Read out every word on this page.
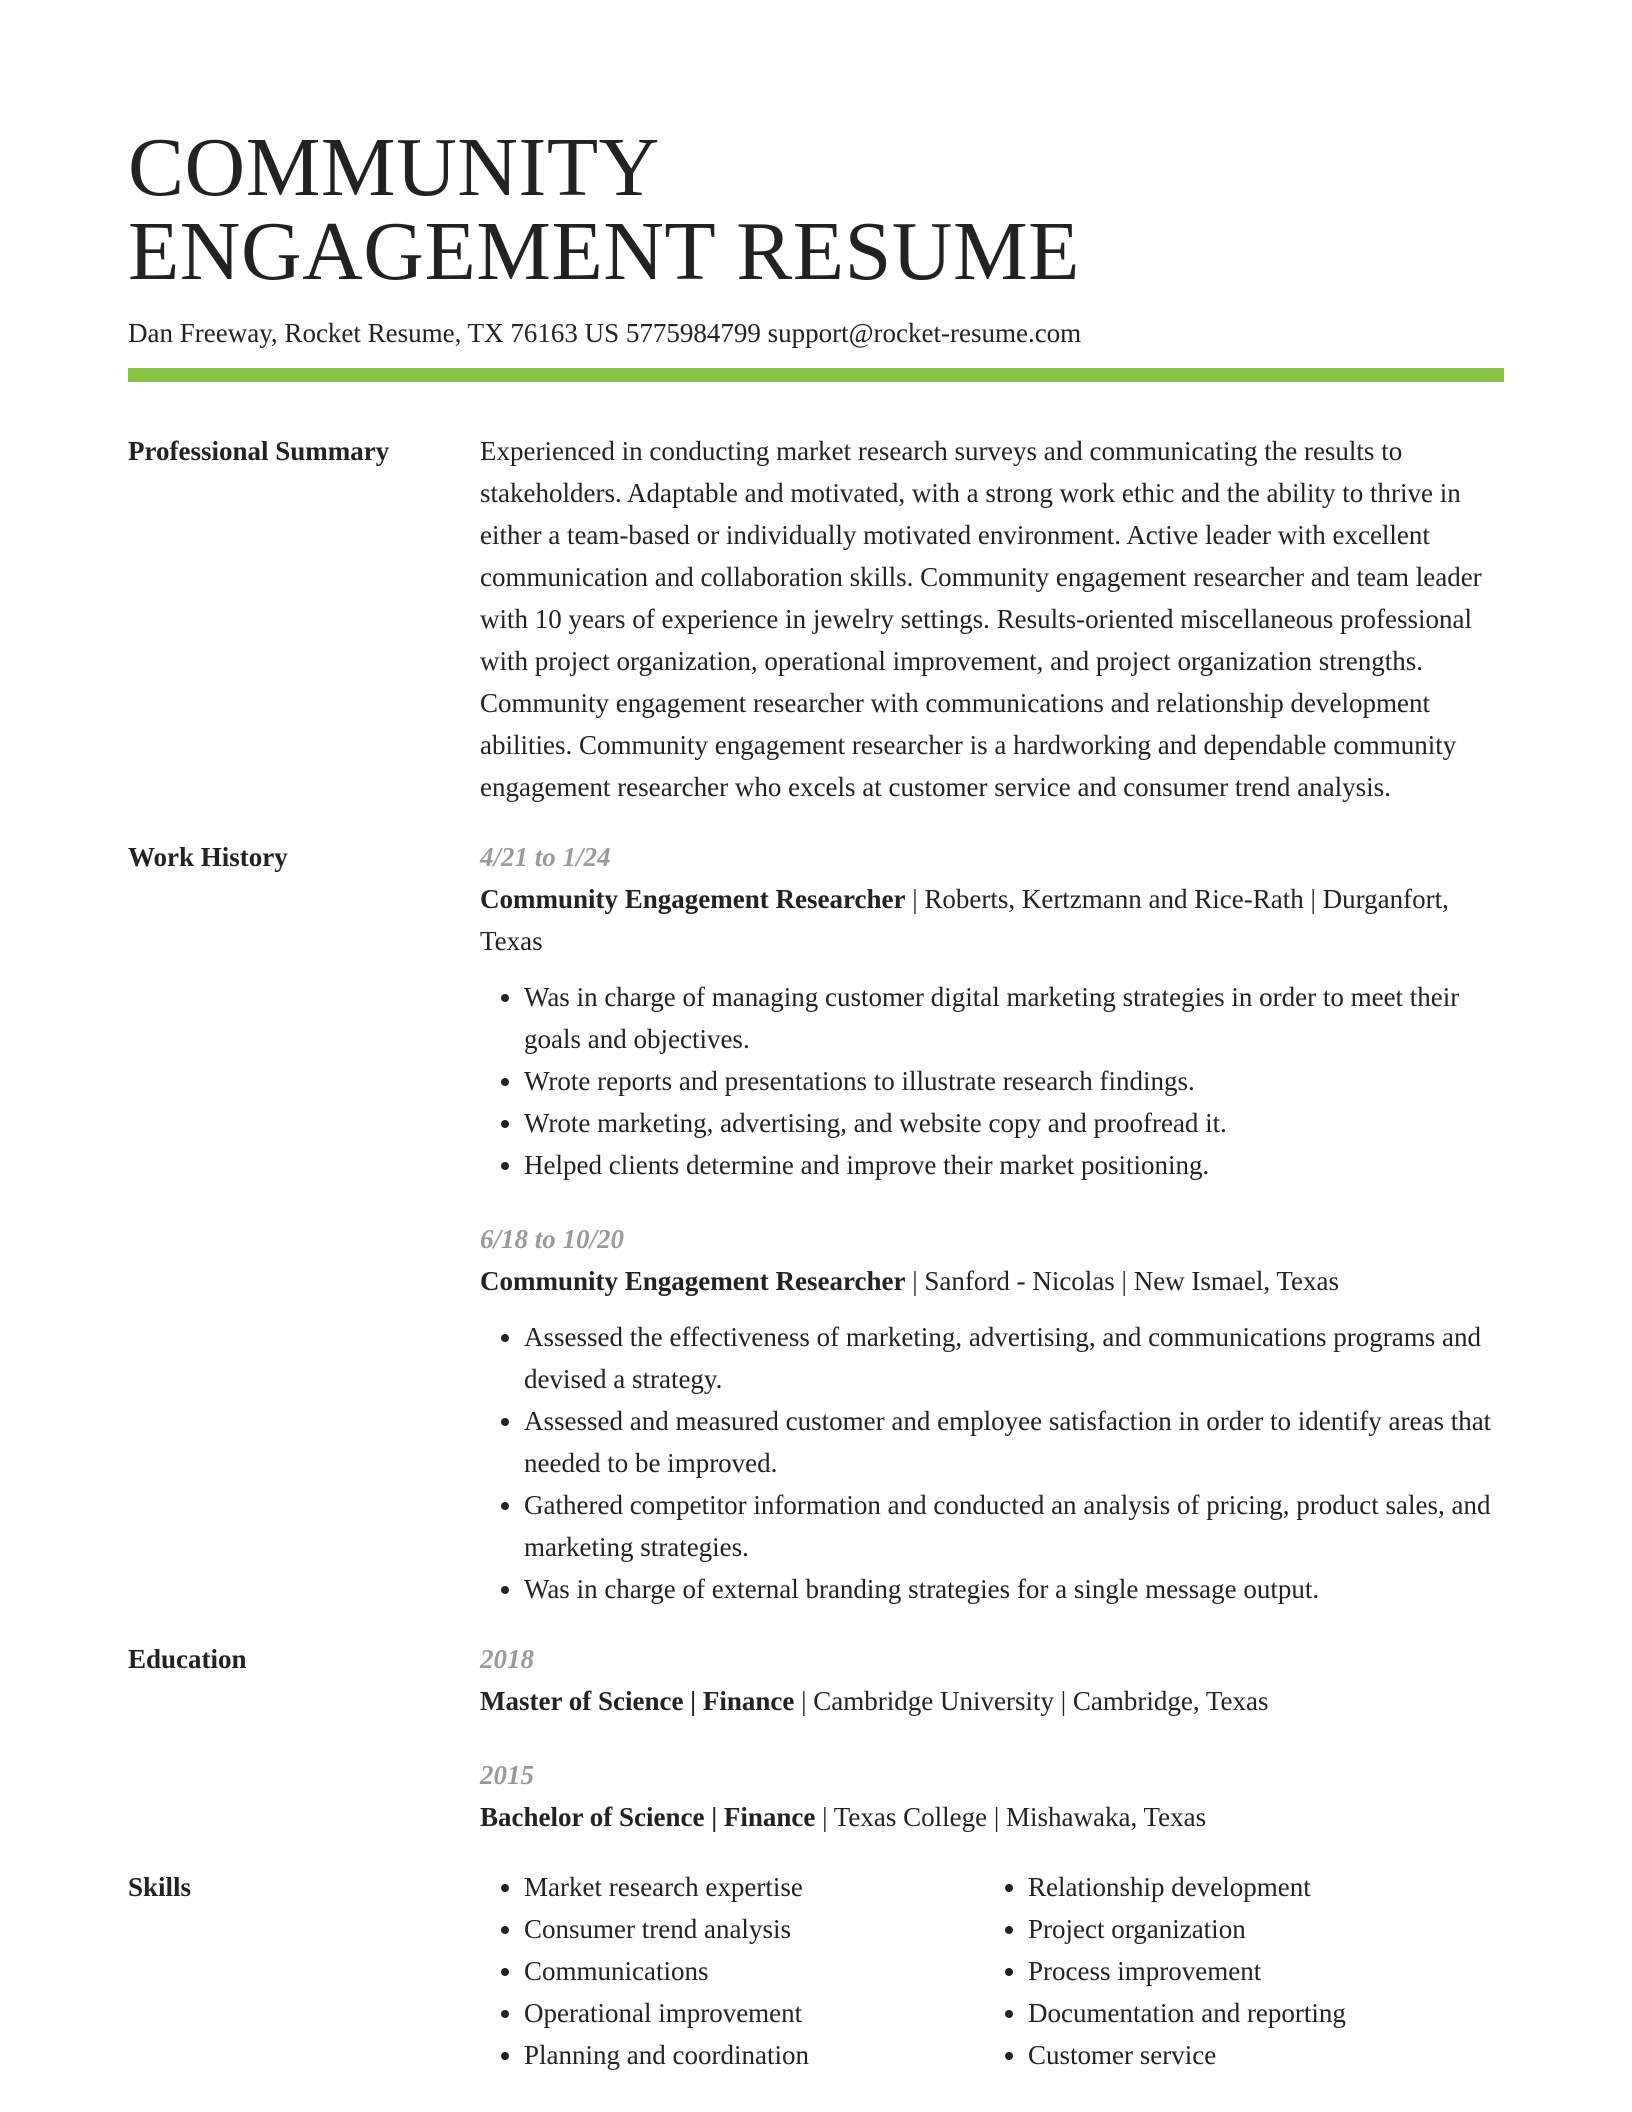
COMMUNITY
ENGAGEMENT RESUME
Dan Freeway, Rocket Resume, TX 76163 US 5775984799 support@rocket-resume.com
Professional Summary	Experienced in conducting market research surveys and communicating the results to stakeholders. Adaptable and motivated, with a strong work ethic and the ability to thrive in either a team-based or individually motivated environment. Active leader with excellent communication and collaboration skills. Community engagement researcher and team leader with 10 years of experience in jewelry settings. Results-oriented miscellaneous professional with project organization, operational improvement, and project organization strengths. Community engagement researcher with communications and relationship development abilities. Community engagement researcher is a hardworking and dependable community engagement researcher who excels at customer service and consumer trend analysis.

Work History	4/21 to 1/24
Community Engagement Researcher | Roberts, Kertzmann and Rice-Rath | Durganfort, Texas
• Was in charge of managing customer digital marketing strategies in order to meet their goals and objectives.
• Wrote reports and presentations to illustrate research findings.
• Wrote marketing, advertising, and website copy and proofread it.
• Helped clients determine and improve their market positioning.
6/18 to 10/20
Community Engagement Researcher | Sanford - Nicolas | New Ismael, Texas
• Assessed the effectiveness of marketing, advertising, and communications programs and devised a strategy.
• Assessed and measured customer and employee satisfaction in order to identify areas that needed to be improved.
• Gathered competitor information and conducted an analysis of pricing, product sales, and marketing strategies.
• Was in charge of external branding strategies for a single message output.
Education	2018
Master of Science | Finance | Cambridge University | Cambridge, Texas
2015
Bachelor of Science | Finance | Texas College | Mishawaka, Texas
Skills
•	Market research expertise
• Consumer trend analysis
• Communications
• Operational improvement
• Planning and coordination
• Relationship development
• Project organization
• Process improvement
• Documentation and reporting
• Customer service
